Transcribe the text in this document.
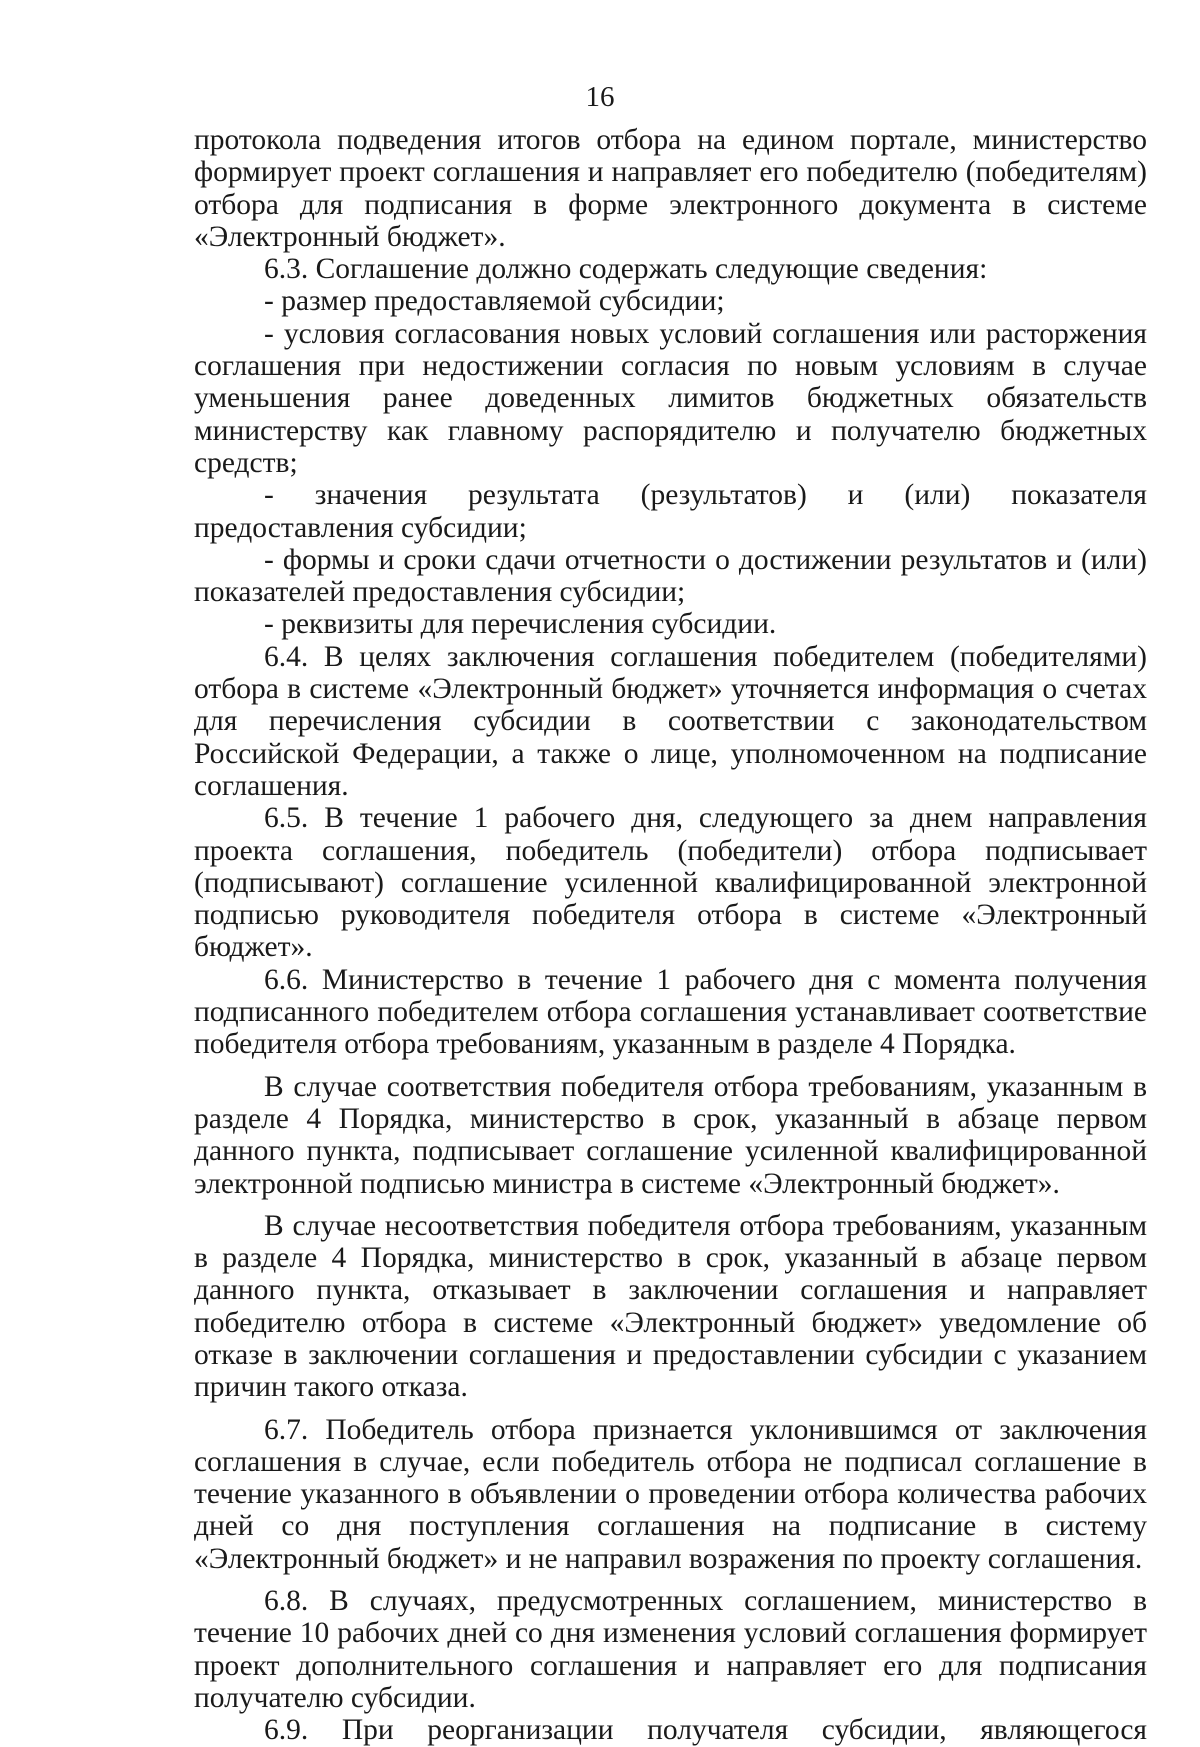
16

протокола подведения итогов отбора на едином портале, министерство формирует проект соглашения и направляет его победителю (победителям) отбора для подписания в форме электронного документа в системе «Электронный бюджет».

6.3. Соглашение должно содержать следующие сведения:

- размер предоставляемой субсидии;

- условия согласования новых условий соглашения или расторжения соглашения при недостижении согласия по новым условиям в случае уменьшения ранее доведенных лимитов бюджетных обязательств министерству как главному распорядителю и получателю бюджетных средств;

- значения результата (результатов) и (или) показателя предоставления субсидии;

- формы и сроки сдачи отчетности о достижении результатов и (или) показателей предоставления субсидии;

- реквизиты для перечисления субсидии.

6.4. В целях заключения соглашения победителем (победителями) отбора в системе «Электронный бюджет» уточняется информация о счетах для перечисления субсидии в соответствии с законодательством Российской Федерации, а также о лице, уполномоченном на подписание соглашения.

6.5. В течение 1 рабочего дня, следующего за днем направления проекта соглашения, победитель (победители) отбора подписывает (подписывают) соглашение усиленной квалифицированной электронной подписью руководителя победителя отбора в системе «Электронный бюджет».

6.6. Министерство в течение 1 рабочего дня с момента получения подписанного победителем отбора соглашения устанавливает соответствие победителя отбора требованиям, указанным в разделе 4 Порядка.

В случае соответствия победителя отбора требованиям, указанным в разделе 4 Порядка, министерство в срок, указанный в абзаце первом данного пункта, подписывает соглашение усиленной квалифицированной электронной подписью министра в системе «Электронный бюджет».

В случае несоответствия победителя отбора требованиям, указанным в разделе 4 Порядка, министерство в срок, указанный в абзаце первом данного пункта, отказывает в заключении соглашения и направляет победителю отбора в системе «Электронный бюджет» уведомление об отказе в заключении соглашения и предоставлении субсидии с указанием причин такого отказа.

6.7. Победитель отбора признается уклонившимся от заключения соглашения в случае, если победитель отбора не подписал соглашение в течение указанного в объявлении о проведении отбора количества рабочих дней со дня поступления соглашения на подписание в систему «Электронный бюджет» и не направил возражения по проекту соглашения.

6.8. В случаях, предусмотренных соглашением, министерство в течение 10 рабочих дней со дня изменения условий соглашения формирует проект дополнительного соглашения и направляет его для подписания получателю субсидии.

6.9. При реорганизации получателя субсидии, являющегося
